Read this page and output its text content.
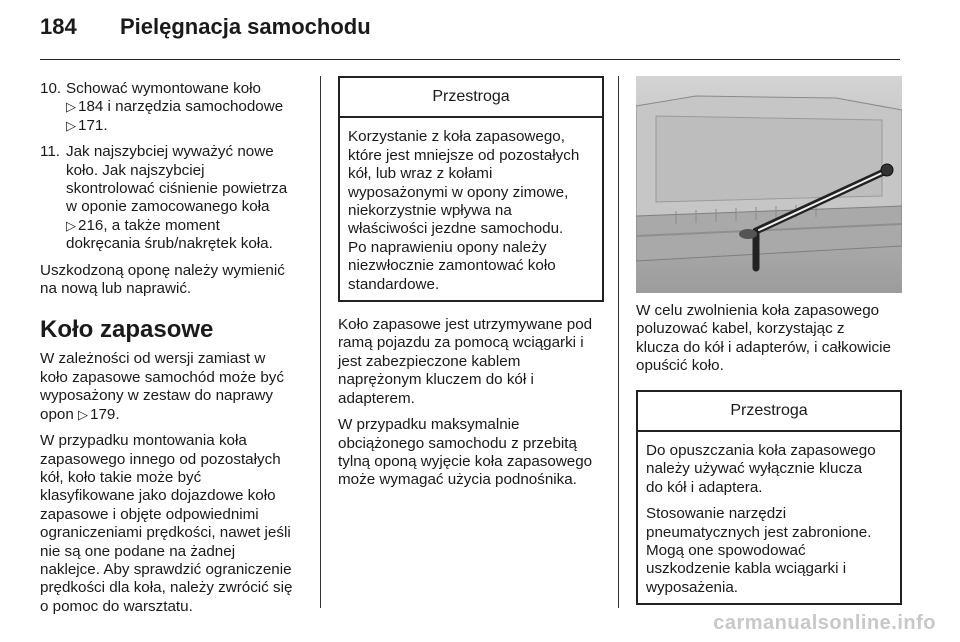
184 Pielęgnacja samochodu
10. Schować wymontowane koło
▷ 184 i narzędzia samochodowe
▷ 171.
11. Jak najszybciej wyważyć nowe
koło. Jak najszybciej
skontrolować ciśnienie powietrza
w oponie zamocowanego koła
▷ 216, a także moment
dokręcania śrub/nakrętek koła.

Uszkodzoną oponę należy wymienić
na nową lub naprawić.

Koło zapasowe

W zależności od wersji zamiast w
koło zapasowe samochód może być
wyposażony w zestaw do naprawy
opon ▷ 179.

W przypadku montowania koła
zapasowego innego od pozostałych
kół, koło takie może być
klasyfikowane jako dojazdowe koło
zapasowe i objęte odpowiednimi
ograniczeniami prędkości, nawet jeśli
nie są one podane na żadnej
naklejce. Aby sprawdzić ograniczenie
prędkości dla koła, należy zwrócić się
o pomoc do warsztatu.

Przestroga

Korzystanie z koła zapasowego,
które jest mniejsze od pozostałych
kół, lub wraz z kołami
wyposażonymi w opony zimowe,
niekorzystnie wpływa na
właściwości jezdne samochodu.
Po naprawieniu opony należy
niezwłocznie zamontować koło
standardowe.

Koło zapasowe jest utrzymywane pod
ramą pojazdu za pomocą wciągarki i
jest zabezpieczone kablem
naprężonym kluczem do kół i
adapterem.

W przypadku maksymalnie
obciążonego samochodu z przebitą
tylną oponą wyjęcie koła zapasowego
może wymagać użycia podnośnika.

W celu zwolnienia koła zapasowego
poluzować kabel, korzystając z
klucza do kół i adapterów, i całkowicie
opuścić koło.

Przestroga

Do opuszczania koła zapasowego
należy używać wyłącznie klucza
do kół i adaptera.

Stosowanie narzędzi
pneumatycznych jest zabronione.
Mogą one spowodować
uszkodzenie kabla wciągarki i
wyposażenia.

carmanualsonline.info
